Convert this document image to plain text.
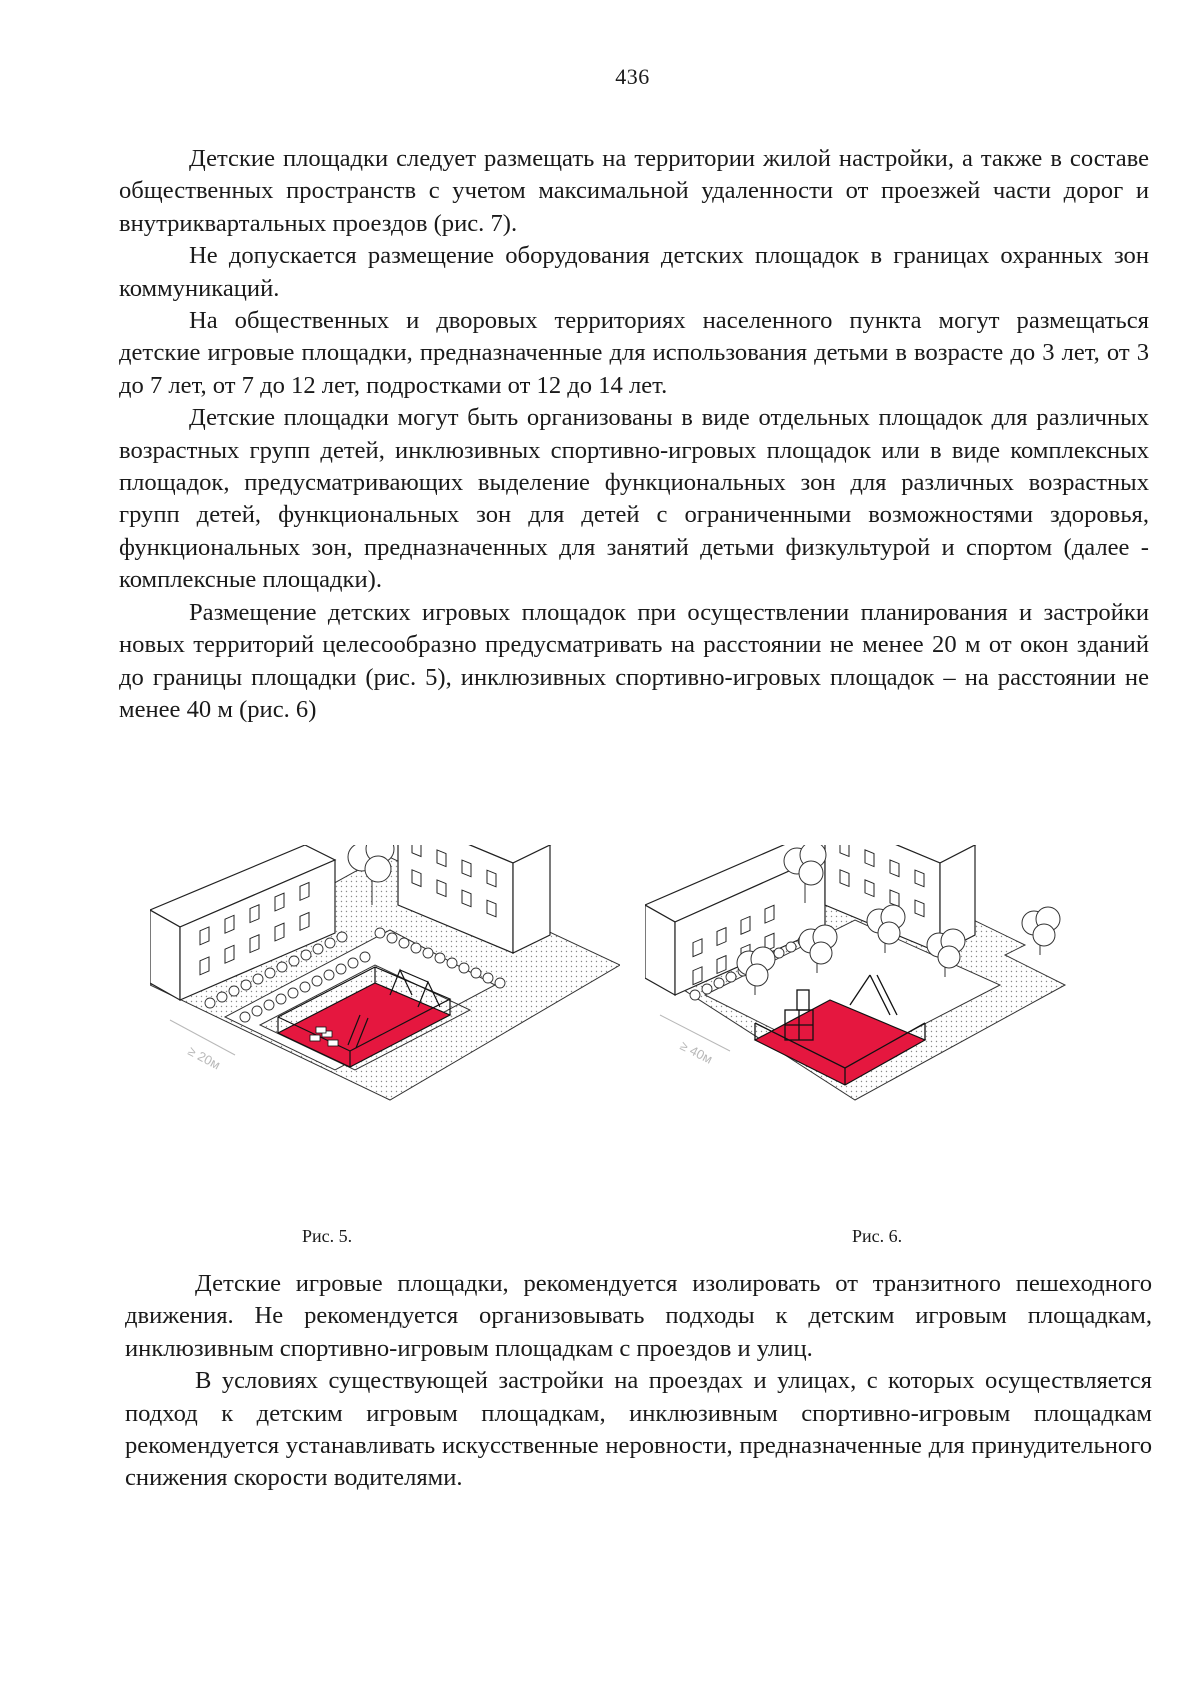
436

Детские площадки следует размещать на территории жилой настройки, а также в составе общественных пространств с учетом максимальной удаленности от проезжей части дорог и внутриквартальных проездов (рис. 7).

Не допускается размещение оборудования детских площадок в границах охранных зон коммуникаций.

На общественных и дворовых территориях населенного пункта могут размещаться детские игровые площадки, предназначенные для использования детьми в возрасте до 3 лет, от 3 до 7 лет, от 7 до 12 лет, подростками от 12 до 14 лет.

Детские площадки могут быть организованы в виде отдельных площадок для различных возрастных групп детей, инклюзивных спортивно-игровых площадок или в виде комплексных площадок, предусматривающих выделение функциональных зон для различных возрастных групп детей, функциональных зон для детей с ограниченными возможностями здоровья, функциональных зон, предназначенных для занятий детьми физкультурой и спортом (далее - комплексные площадки).

Размещение детских игровых площадок при осуществлении планирования и застройки новых территорий целесообразно предусматривать на расстоянии не менее 20 м от окон зданий до границы площадки (рис. 5), инклюзивных спортивно-игровых площадок – на расстоянии не менее 40 м (рис. 6)

≥ 20м	≥ 40м
Рис. 5.	Рис. 6.

Детские игровые площадки, рекомендуется изолировать от транзитного пешеходного движения. Не рекомендуется организовывать подходы к детским игровым площадкам, инклюзивным спортивно-игровым площадкам с проездов и улиц.

В условиях существующей застройки на проездах и улицах, с которых осуществляется подход к детским игровым площадкам, инклюзивным спортивно-игровым площадкам рекомендуется устанавливать искусственные неровности, предназначенные для принудительного снижения скорости водителями.
